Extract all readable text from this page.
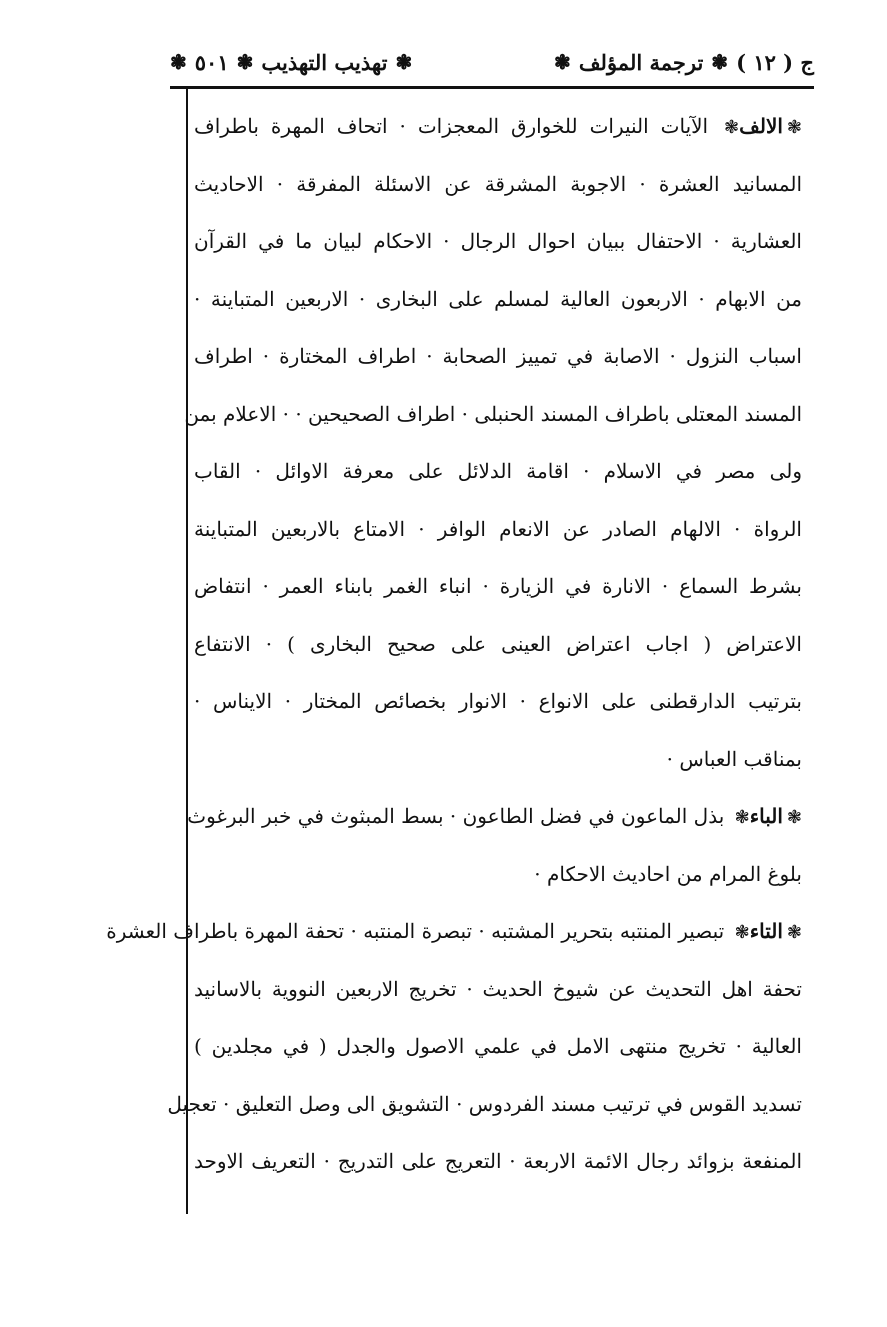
ج ( ١٢ )
❃
ترجمة المؤلف
❃
❃
تهذيب التهذيب
❃
٥٠١
❃
❃الالف❃ الآيات النيرات للخوارق المعجزات · اتحاف المهرة باطراف
المسانيد العشرة · الاجوبة المشرقة عن الاسئلة المفرقة · الاحاديث
العشارية · الاحتفال ببيان احوال الرجال · الاحكام لبيان ما في القرآن
من الابهام · الاربعون العالية لمسلم على البخارى · الاربعين المتباينة ·
اسباب النزول · الاصابة في تمييز الصحابة · اطراف المختارة · اطراف
المسند المعتلى باطراف المسند الحنبلى · اطراف الصحيحين · · الاعلام بمن
ولى مصر في الاسلام · اقامة الدلائل على معرفة الاوائل · القاب
الرواة · الالهام الصادر عن الانعام الوافر · الامتاع بالاربعين المتباينة
بشرط السماع · الانارة في الزيارة · انباء الغمر بابناء العمر · انتفاض
الاعتراض ( اجاب اعتراض العينى على صحيح البخارى ) · الانتفاع
بترتيب الدارقطنى على الانواع · الانوار بخصائص المختار · الايناس ·
بمناقب العباس ·
❃الباء❃ بذل الماعون في فضل الطاعون · بسط المبثوث في خبر البرغوث
بلوغ المرام من احاديث الاحكام ·
❃التاء❃ تبصير المنتبه بتحرير المشتبه · تبصرة المنتبه · تحفة المهرة باطراف العشرة
تحفة اهل التحديث عن شيوخ الحديث · تخريج الاربعين النووية بالاسانيد
العالية · تخريج منتهى الامل في علمي الاصول والجدل ( في مجلدين )
تسديد القوس في ترتيب مسند الفردوس · التشويق الى وصل التعليق · تعجيل
المنفعة بزوائد رجال الائمة الاربعة · التعريج على التدريج · التعريف الاوحد
